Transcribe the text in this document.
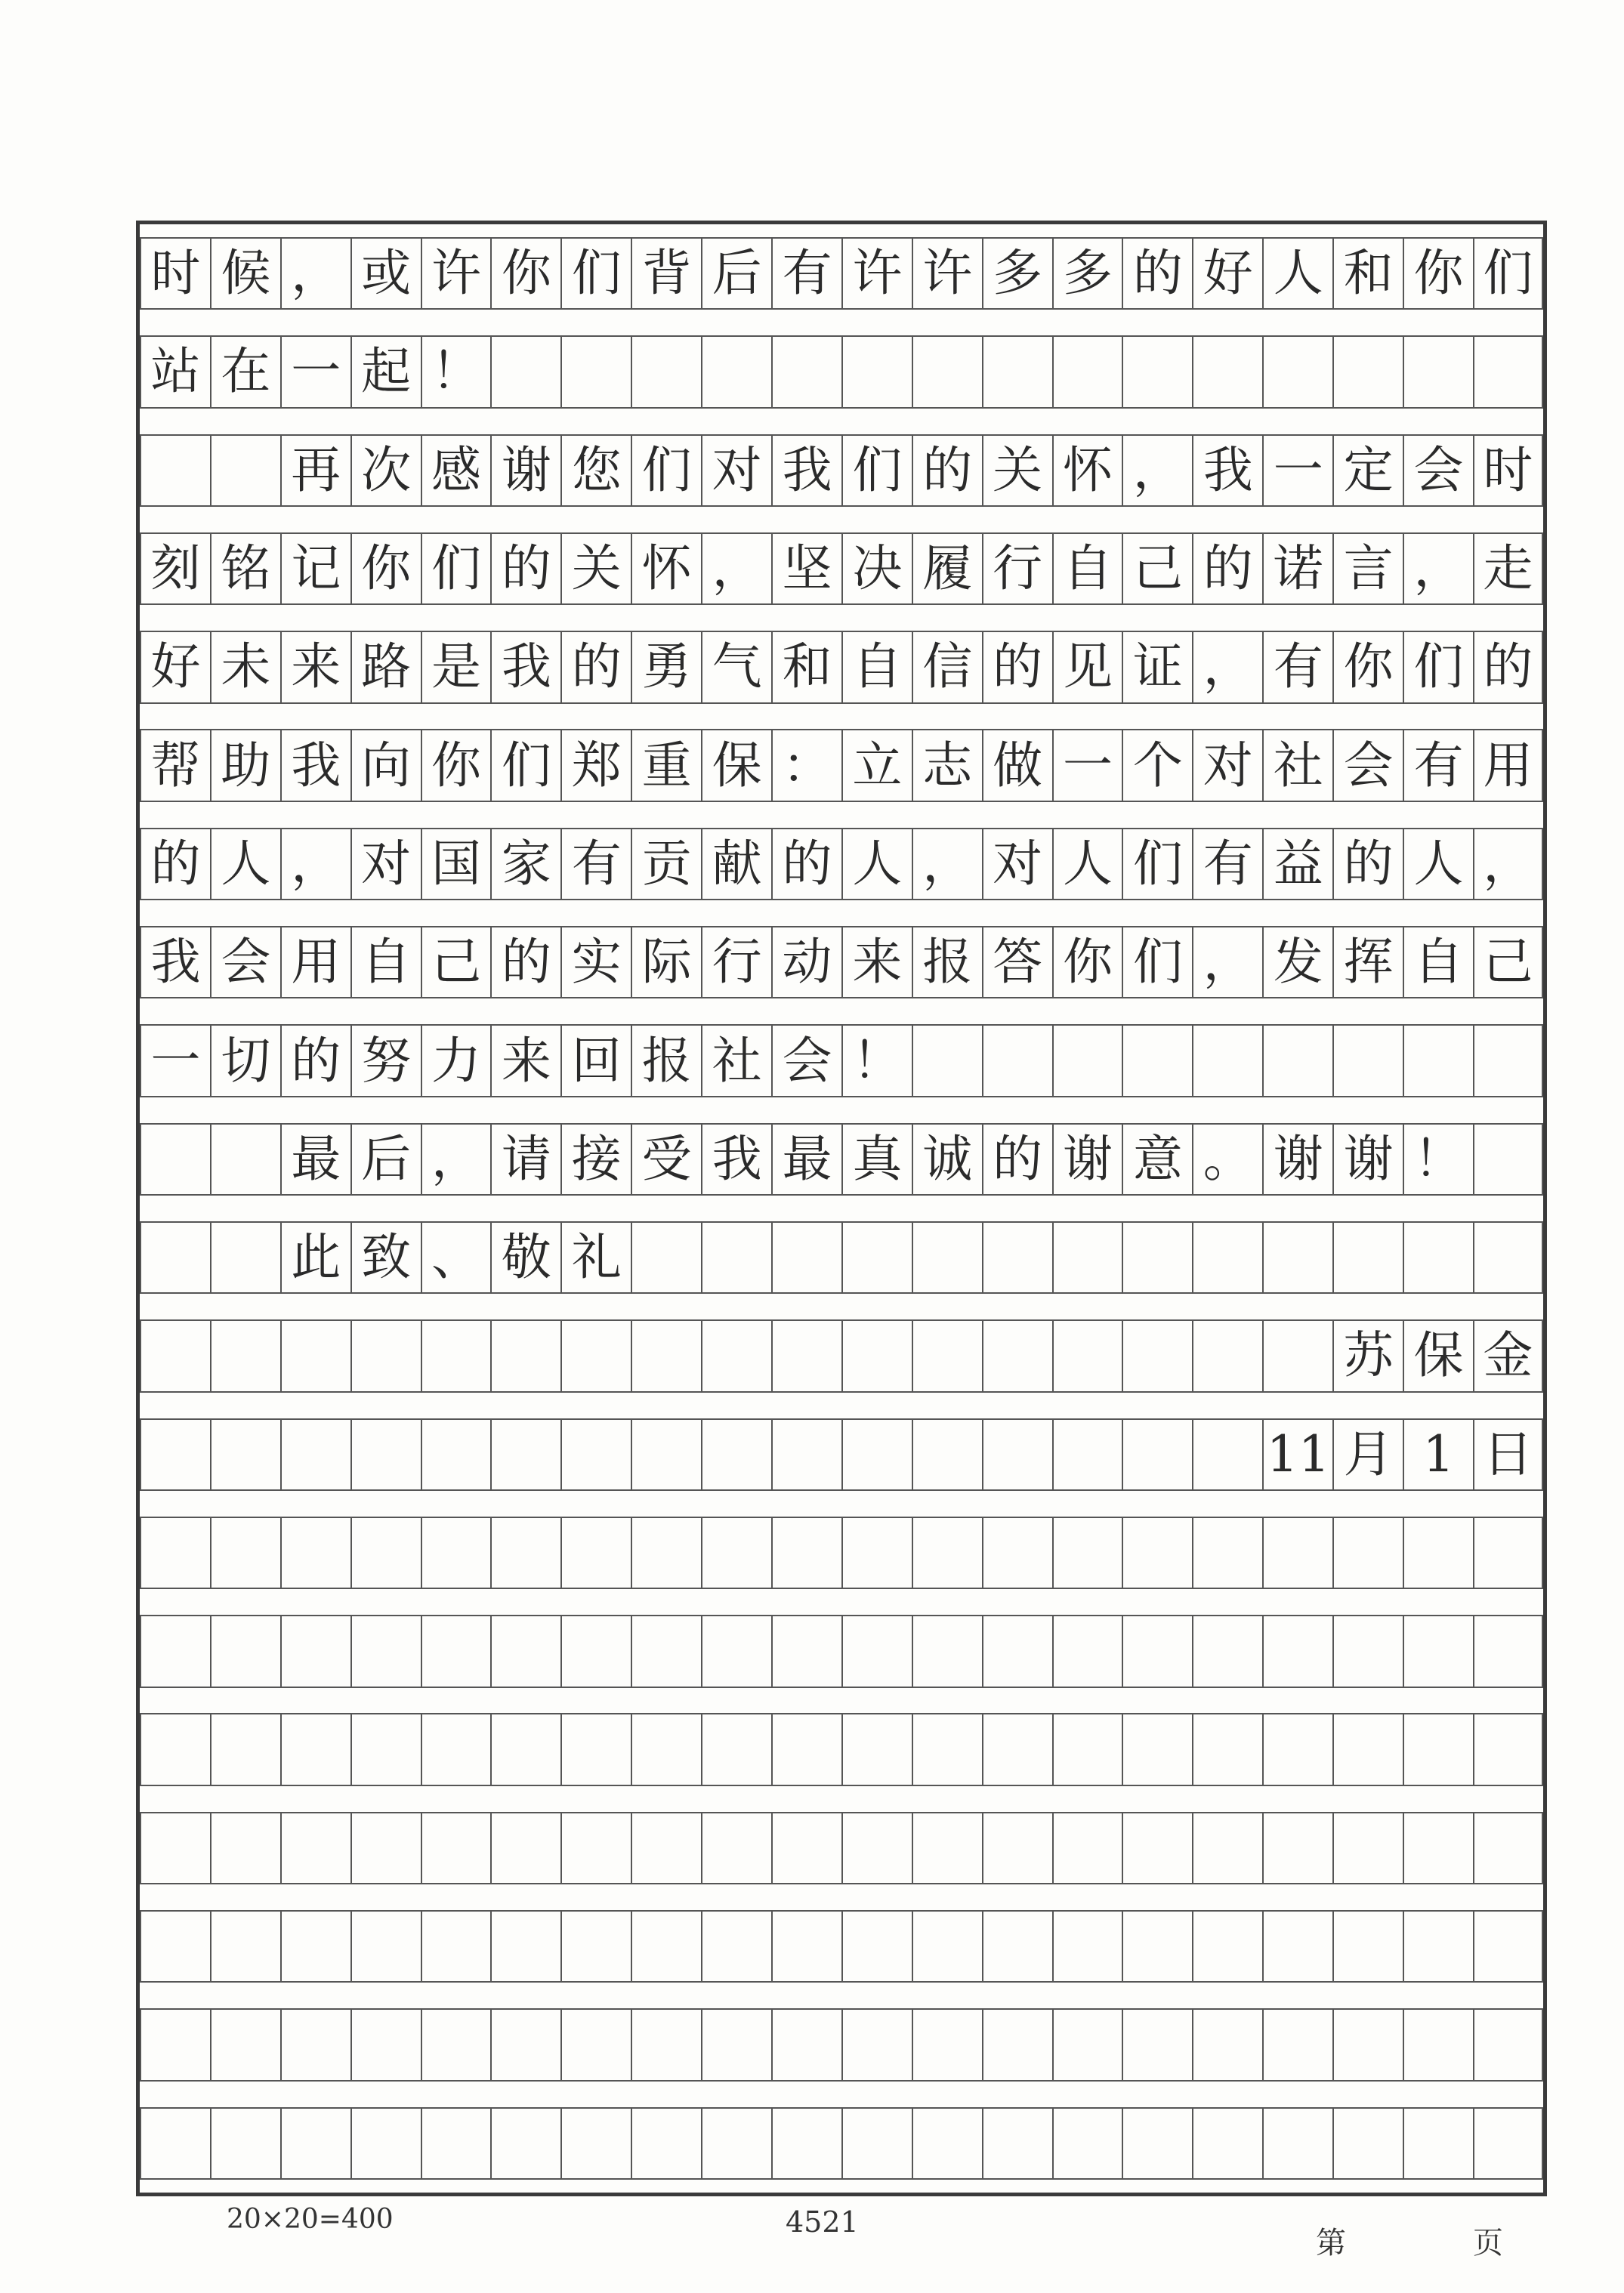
时 候 ， 或 许 你 们 背 后 有 许 许 多 多 的 好 人 和 你 们
站 在 一 起 ！
再 次 感 谢 您 们 对 我 们 的 关 怀 ， 我 一 定 会 时
刻 铭 记 你 们 的 关 怀 ， 坚 决 履 行 自 己 的 诺 言 ， 走
好 未 来 路 是 我 的 勇 气 和 自 信 的 见 证 ， 有 你 们 的
帮 助 我 向 你 们 郑 重 保 ： 立 志 做 一 个 对 社 会 有 用
的 人 ， 对 国 家 有 贡 献 的 人 ， 对 人 们 有 益 的 人 ，
我 会 用 自 己 的 实 际 行 动 来 报 答 你 们 ， 发 挥 自 己
一 切 的 努 力 来 回 报 社 会 ！
最 后 ， 请 接 受 我 最 真 诚 的 谢 意 。 谢 谢 ！
此 致 、 敬 礼
苏 保 金
11 月 1 日
20×20=400	4521
第	页
